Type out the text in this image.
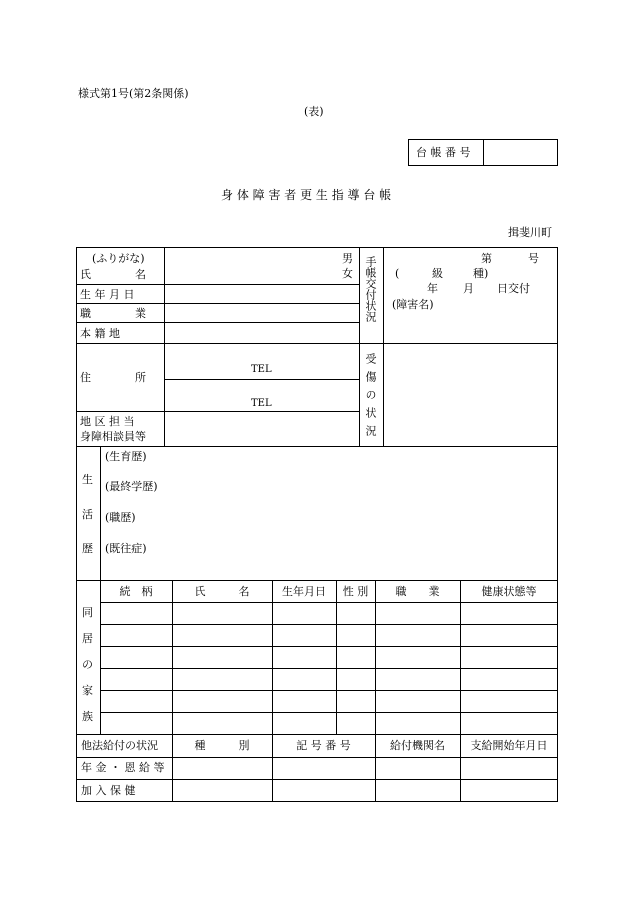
様式第1号(第2条関係)
(表)
台 帳 番 号
身 体 障 害 者 更 生 指 導 台 帳
揖斐川町
(ふりがな)
氏　　　　名
男
女
生 年 月 日
職　　　　業
本 籍 地
住　　　　所
TEL
TEL
地 区 担 当
身障相談員等
手帳交付状況	第	号
(	級	種)
年 月 日交付
(障害名)
受傷の状況
生
活
歴
(生育歴)
(最終学歴)
(職歴)
(既往症)
同
居
の
家
族
続　柄	氏　　　名	生年月日	性 別	職　　業	健康状態等
他法給付の状況	種　　　別	記 号 番 号	給付機関名	支給開始年月日
年 金 ・ 恩 給 等
加 入 保 健
